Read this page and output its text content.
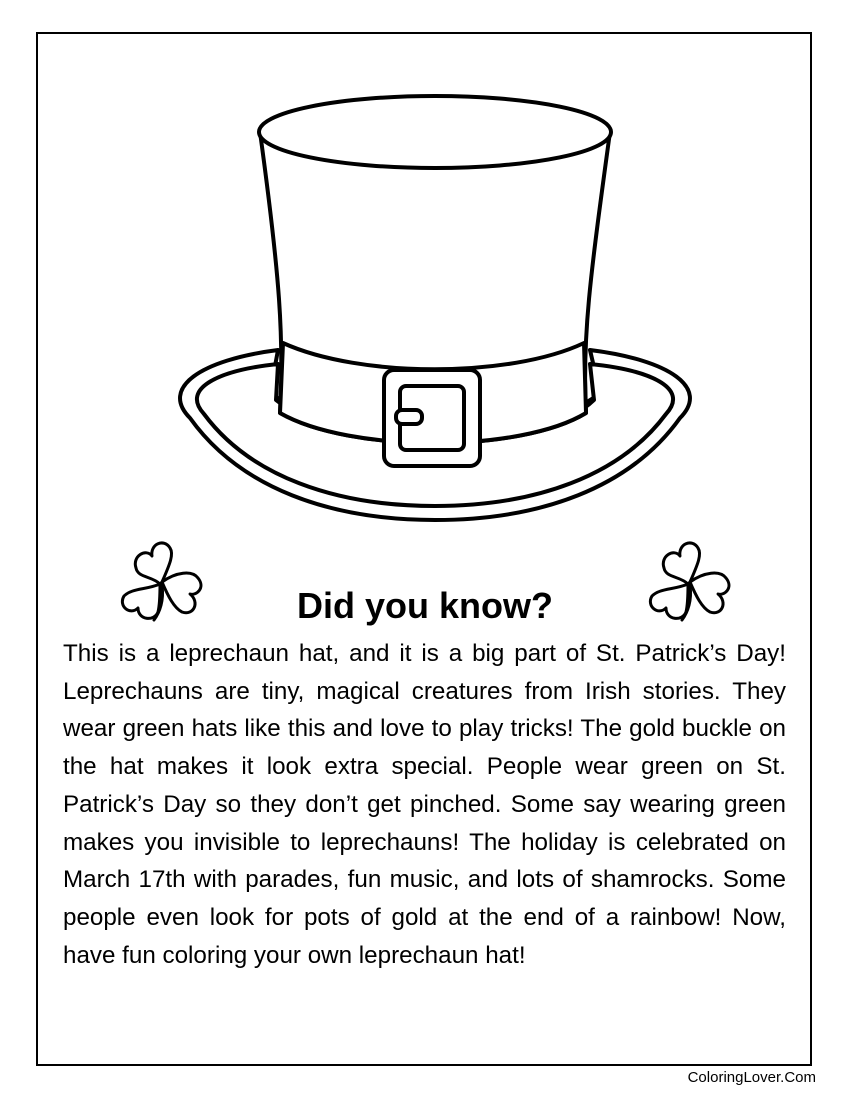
Did you know?
This is a leprechaun hat, and it is a big part of St. Patrick’s Day! Leprechauns are tiny, magical creatures from Irish stories. They wear green hats like this and love to play tricks! The gold buckle on the hat makes it look extra special. People wear green on St. Patrick’s Day so they don’t get pinched. Some say wearing green makes you invisible to leprechauns! The holiday is celebrated on March 17th with parades, fun music, and lots of shamrocks. Some people even look for pots of gold at the end of a rainbow! Now, have fun coloring your own leprechaun hat!
ColoringLover.Com
